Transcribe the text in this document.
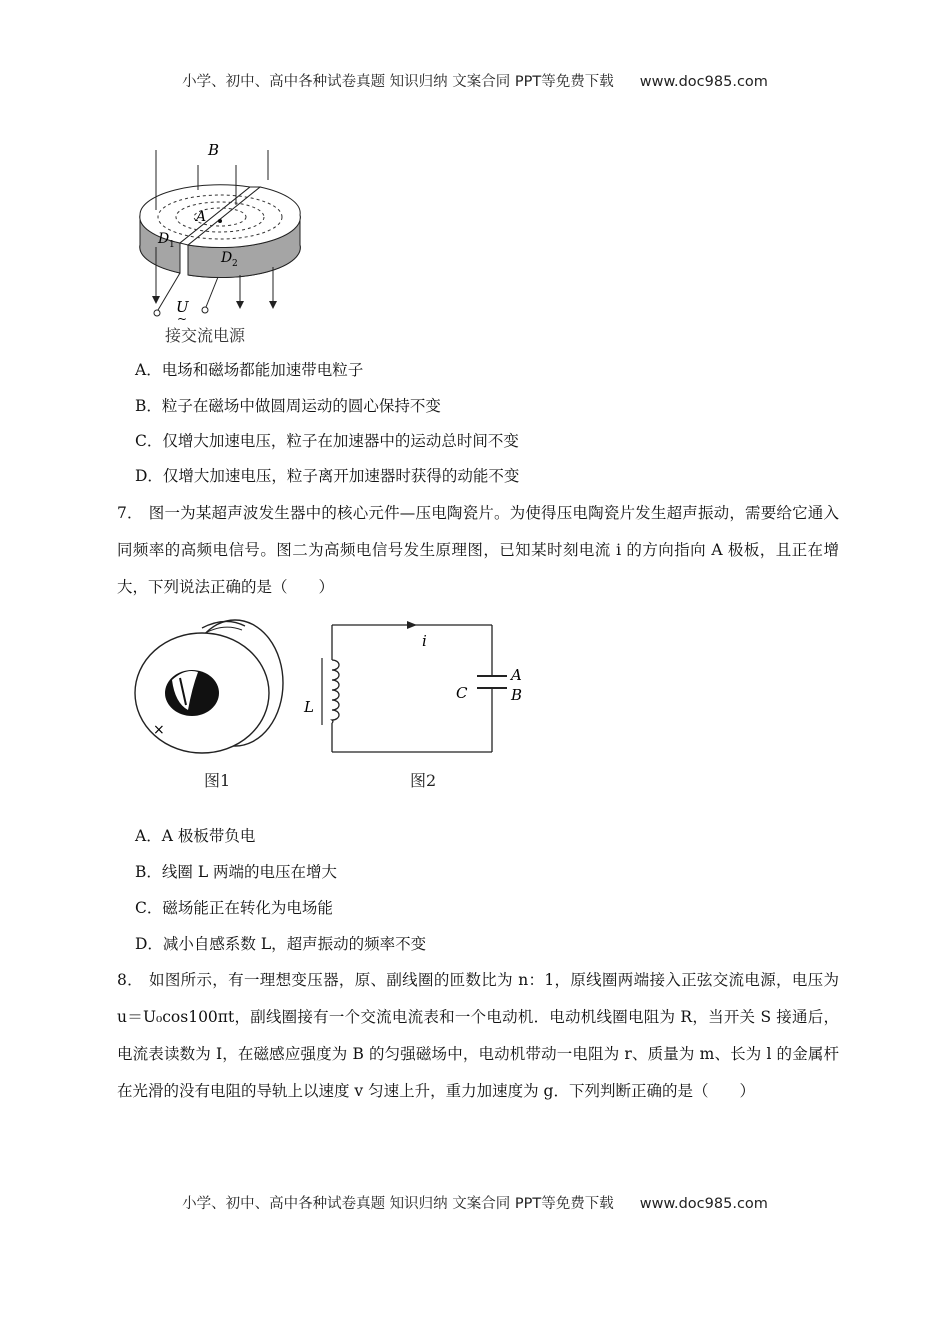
小学、初中、高中各种试卷真题 知识归纳 文案合同 PPT等免费下载 www.doc985.com
B
A
D 1
D 2
U
~
接交流电源
A．电场和磁场都能加速带电粒子
B．粒子在磁场中做圆周运动的圆心保持不变
C．仅增大加速电压，粒子在加速器中的运动总时间不变
D．仅增大加速电压，粒子离开加速器时获得的动能不变
7． 图一为某超声波发生器中的核心元件—压电陶瓷片。为使得压电陶瓷片发生超声振动，需要给它通入同频率的高频电信号。图二为高频电信号发生原理图，已知某时刻电流 i 的方向指向 A 极板，且正在增大，下列说法正确的是（　　）
×
图1
i
L
C
A
B
图2
A．A 极板带负电
B．线圈 L 两端的电压在增大
C．磁场能正在转化为电场能
D．减小自感系数 L，超声振动的频率不变
8． 如图所示，有一理想变压器，原、副线圈的匝数比为 n：1，原线圈两端接入正弦交流电源，电压为 u＝U₀cos100πt，副线圈接有一个交流电流表和一个电动机．电动机线圈电阻为 R，当开关 S 接通后，电流表读数为 I，在磁感应强度为 B 的匀强磁场中，电动机带动一电阻为 r、质量为 m、长为 l 的金属杆在光滑的没有电阻的导轨上以速度 v 匀速上升，重力加速度为 g．下列判断正确的是（　　）
小学、初中、高中各种试卷真题 知识归纳 文案合同 PPT等免费下载 www.doc985.com
